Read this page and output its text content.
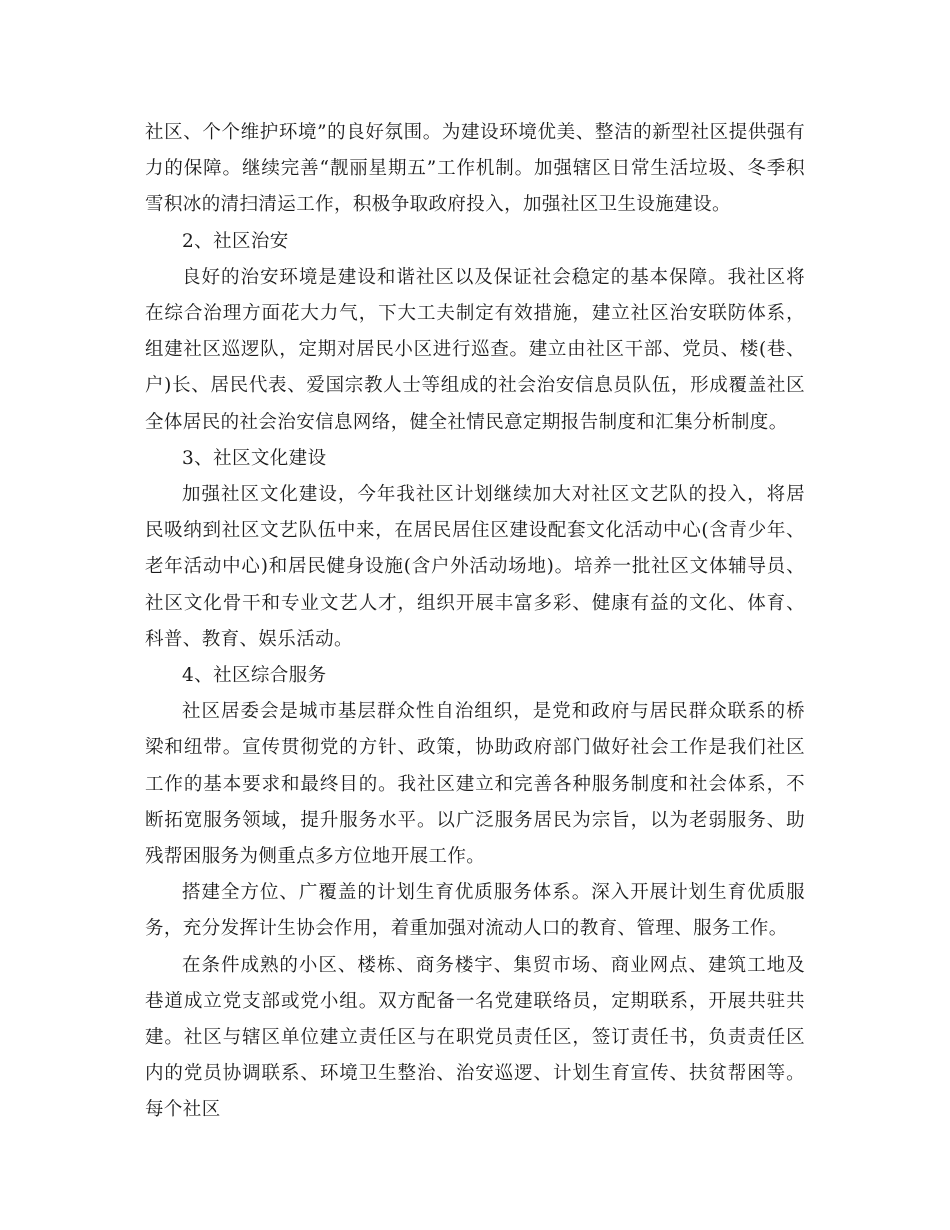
社区、个个维护环境”的良好氛围。为建设环境优美、整洁的新型社区提供强有力的保障。继续完善“靓丽星期五”工作机制。加强辖区日常生活垃圾、冬季积雪积冰的清扫清运工作，积极争取政府投入，加强社区卫生设施建设。

2、社区治安

良好的治安环境是建设和谐社区以及保证社会稳定的基本保障。我社区将在综合治理方面花大力气，下大工夫制定有效措施，建立社区治安联防体系，组建社区巡逻队，定期对居民小区进行巡查。建立由社区干部、党员、楼(巷、户)长、居民代表、爱国宗教人士等组成的社会治安信息员队伍，形成覆盖社区全体居民的社会治安信息网络，健全社情民意定期报告制度和汇集分析制度。

3、社区文化建设

加强社区文化建设，今年我社区计划继续加大对社区文艺队的投入，将居民吸纳到社区文艺队伍中来，在居民居住区建设配套文化活动中心(含青少年、老年活动中心)和居民健身设施(含户外活动场地)。培养一批社区文体辅导员、社区文化骨干和专业文艺人才，组织开展丰富多彩、健康有益的文化、体育、科普、教育、娱乐活动。

4、社区综合服务

社区居委会是城市基层群众性自治组织，是党和政府与居民群众联系的桥梁和纽带。宣传贯彻党的方针、政策，协助政府部门做好社会工作是我们社区工作的基本要求和最终目的。我社区建立和完善各种服务制度和社会体系，不断拓宽服务领域，提升服务水平。以广泛服务居民为宗旨，以为老弱服务、助残帮困服务为侧重点多方位地开展工作。

搭建全方位、广覆盖的计划生育优质服务体系。深入开展计划生育优质服务，充分发挥计生协会作用，着重加强对流动人口的教育、管理、服务工作。

在条件成熟的小区、楼栋、商务楼宇、集贸市场、商业网点、建筑工地及巷道成立党支部或党小组。双方配备一名党建联络员，定期联系，开展共驻共建。社区与辖区单位建立责任区与在职党员责任区，签订责任书，负责责任区内的党员协调联系、环境卫生整治、治安巡逻、计划生育宣传、扶贫帮困等。每个社区
